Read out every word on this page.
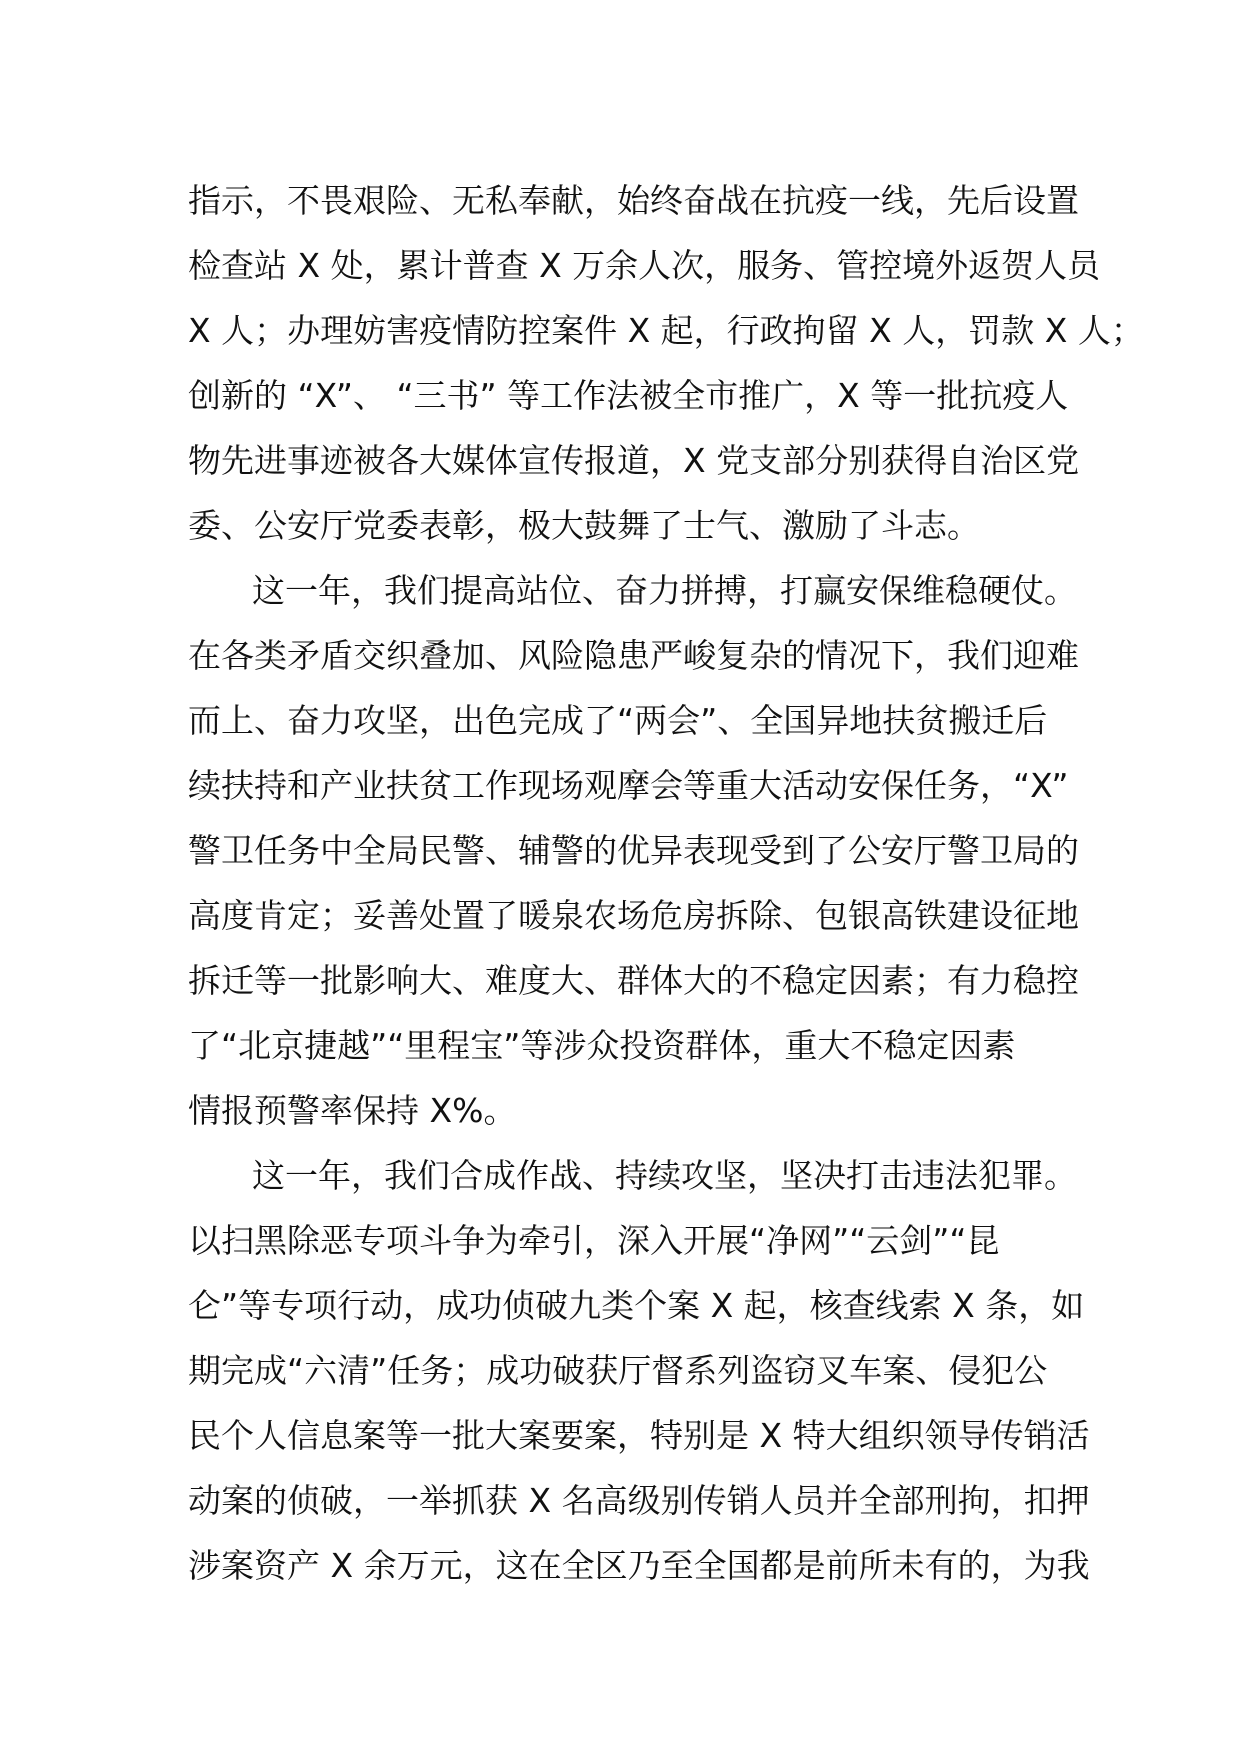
指示，不畏艰险、无私奉献，始终奋战在抗疫一线，先后设置
检查站 X 处，累计普查 X 万余人次，服务、管控境外返贺人员
X 人；办理妨害疫情防控案件 X 起，行政拘留 X 人，罚款 X 人；
创新的 “X”、 “三书” 等工作法被全市推广，X 等一批抗疫人
物先进事迹被各大媒体宣传报道，X 党支部分别获得自治区党
委、公安厅党委表彰，极大鼓舞了士气、激励了斗志。
这一年，我们提高站位、奋力拼搏，打赢安保维稳硬仗。
在各类矛盾交织叠加、风险隐患严峻复杂的情况下，我们迎难
而上、奋力攻坚，出色完成了“两会”、全国异地扶贫搬迁后
续扶持和产业扶贫工作现场观摩会等重大活动安保任务，“X”
警卫任务中全局民警、辅警的优异表现受到了公安厅警卫局的
高度肯定；妥善处置了暖泉农场危房拆除、包银高铁建设征地
拆迁等一批影响大、难度大、群体大的不稳定因素；有力稳控
了“北京捷越”“里程宝”等涉众投资群体，重大不稳定因素
情报预警率保持 X%。
这一年，我们合成作战、持续攻坚，坚决打击违法犯罪。
以扫黑除恶专项斗争为牵引，深入开展“净网”“云剑”“昆
仑”等专项行动，成功侦破九类个案 X 起，核查线索 X 条，如
期完成“六清”任务；成功破获厅督系列盗窃叉车案、侵犯公
民个人信息案等一批大案要案，特别是 X 特大组织领导传销活
动案的侦破，一举抓获 X 名高级别传销人员并全部刑拘，扣押
涉案资产 X 余万元，这在全区乃至全国都是前所未有的，为我
